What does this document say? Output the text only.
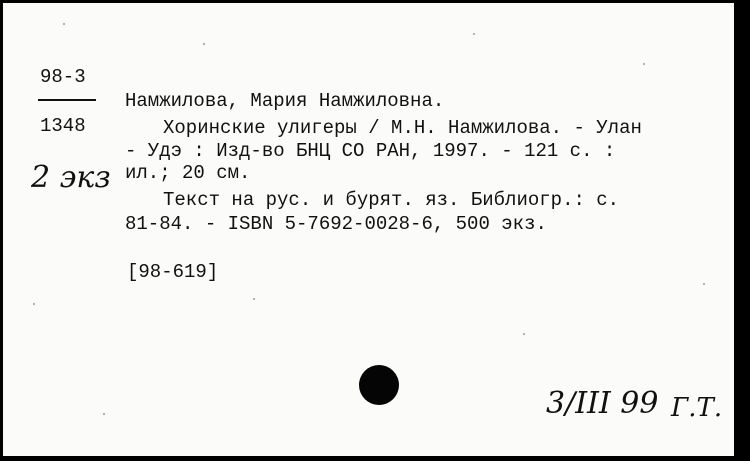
98-3
1348
2 экз
Намжилова, Мария Намжиловна.
Хоринские улигеры / М.Н. Намжилова. - Улан
- Удэ : Изд-во БНЦ СО РАН, 1997. - 121 с. :
ил.; 20 см.
Текст на рус. и бурят. яз. Библиогр.: с.
81-84. - ISBN 5-7692-0028-6, 500 экз.
[98-619]
3/III 99 Г.Т.
